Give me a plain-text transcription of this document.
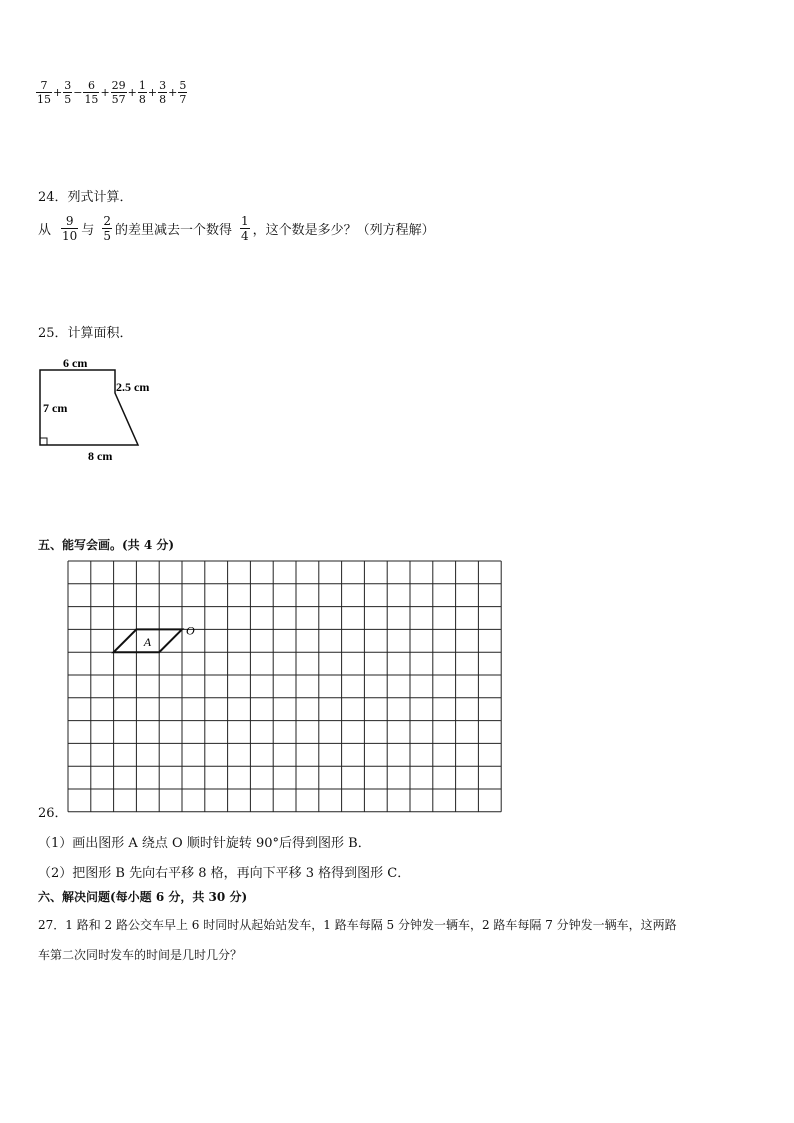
$\frac{7}{15} + \frac{3}{5} - \frac{6}{15} + \frac{29}{57} + \frac{1}{8} + \frac{3}{8} + \frac{5}{7}$
24．列式计算．
从 $\frac{9}{10}$ 与 $\frac{2}{5}$ 的差里减去一个数得 $\frac{1}{4}$ ，这个数是多少？（列方程解）
25．计算面积．
6 cm
2.5 cm
7 cm
8 cm
五、能写会画。(共 4 分)
26．
A
O
（1）画出图形 A 绕点 O 顺时针旋转 90°后得到图形 B．
（2）把图形 B 先向右平移 8 格，再向下平移 3 格得到图形 C．
六、解决问题(每小题 6 分，共 30 分)
27．1 路和 2 路公交车早上 6 时同时从起始站发车，1 路车每隔 5 分钟发一辆车，2 路车每隔 7 分钟发一辆车，这两路
车第二次同时发车的时间是几时几分？
